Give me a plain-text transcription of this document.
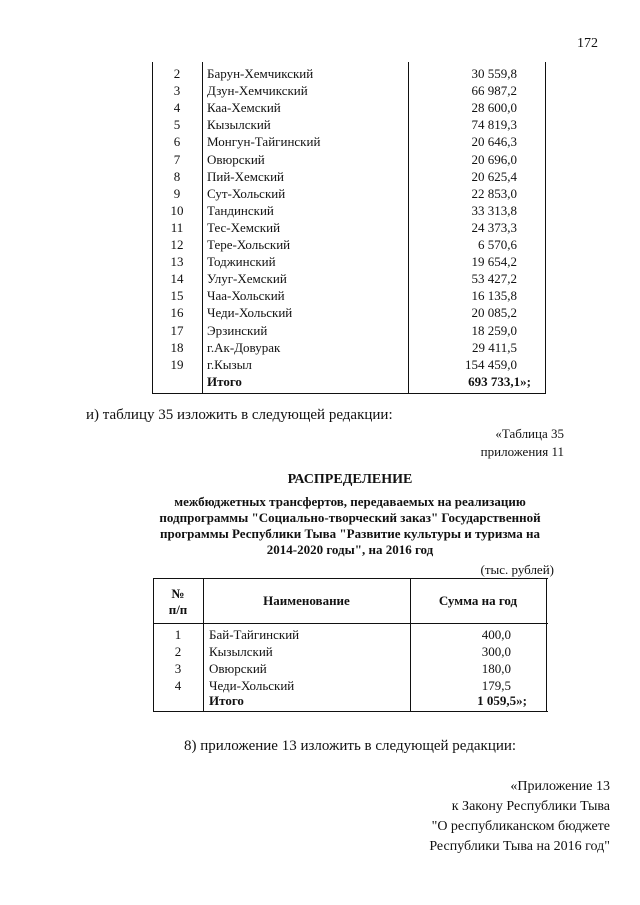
172
2	Барун-Хемчикский	30 559,8
3	Дзун-Хемчикский	66 987,2
4	Каа-Хемский	28 600,0
5	Кызылский	74 819,3
6	Монгун-Тайгинский	20 646,3
7	Овюрский	20 696,0
8	Пий-Хемский	20 625,4
9	Сут-Хольский	22 853,0
10	Тандинский	33 313,8
11	Тес-Хемский	24 373,3
12	Тере-Хольский	6 570,6
13	Тоджинский	19 654,2
14	Улуг-Хемский	53 427,2
15	Чаа-Хольский	16 135,8
16	Чеди-Хольский	20 085,2
17	Эрзинский	18 259,0
18	г.Ак-Довурак	29 411,5
19	г.Кызыл	154 459,0
Итого	693 733,1»;
и) таблицу 35 изложить в следующей редакции:
«Таблица 35
приложения 11
РАСПРЕДЕЛЕНИЕ
межбюджетных трансфертов, передаваемых на реализацию
подпрограммы "Социально-творческий заказ" Государственной
программы Республики Тыва "Развитие культуры и туризма на
2014-2020 годы", на 2016 год
(тыс. рублей)
№
п/п
Наименование	Сумма на год
1	Бай-Тайгинский	400,0
2	Кызылский	300,0
3	Овюрский	180,0
4	Чеди-Хольский	179,5
Итого	1 059,5»;
8) приложение 13 изложить в следующей редакции:
«Приложение 13
к Закону Республики Тыва
"О республиканском бюджете
Республики Тыва на 2016 год"
